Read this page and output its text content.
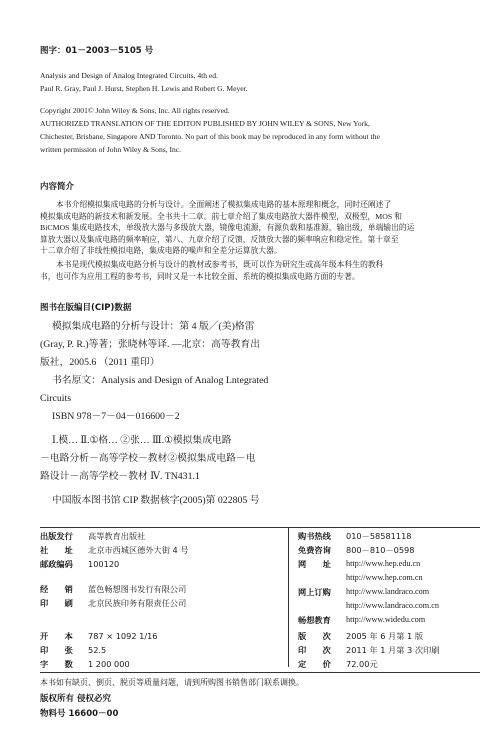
图字：01－2003－5105 号
Analysis and Design of Analog Integrated Circuits, 4th ed.
Paul R. Gray, Paul J. Hurst, Stephen H. Lewis and Robert G. Meyer.
Copyright 2001© John Wiley & Sons, Inc. All rights reserved.
AUTHORIZED TRANSLATION OF THE EDITON PUBLISHED BY JOHN WILEY & SONS, New York,
Chichester, Brisbane, Singapore AND Toronto. No part of this book may be reproduced in any form without the
written permission of John Wiley & Sons, Inc.
内容简介
本书介绍模拟集成电路的分析与设计。全面阐述了模拟集成电路的基本原理和概念，同时还阐述了
模拟集成电路的新技术和新发展。全书共十二章。前七章介绍了集成电路放大器件模型，双极型，MOS 和
BiCMOS 集成电路技术，单级放大器与多级放大器，镜像电流源，有源负载和基准源，输出级，单端输出的运
算放大器以及集成电路的频率响应，第八、九章介绍了反馈，反馈放大器的频率响应和稳定性。第十章至
十二章介绍了非线性模拟电路，集成电路的噪声和全差分运算放大器。
本书是现代模拟集成电路分析与设计的教材或参考书，既可以作为研究生或高年级本科生的教科
书，也可作为应用工程的参考书，同时又是一本比较全面、系统的模拟集成电路方面的专著。
图书在版编目(CIP)数据
模拟集成电路的分析与设计：第 4 版／(美)格雷
(Gray, P. R.)等著；张晓林等译. —北京：高等教育出
版社，2005.6 （2011 重印）
书名原文：Analysis and Design of Analog Lntegrated
Circuits
ISBN 978－7－04－016600－2
Ⅰ.模… Ⅱ.①格… ②张… Ⅲ.①模拟集成电路
－电路分析－高等学校－教材②模拟集成电路－电
路设计－高等学校－教材 Ⅳ. TN431.1
中国版本图书馆 CIP 数据核字(2005)第 022805 号
出版发行 高等教育出版社
社　　址 北京市西城区德外大街 4 号
邮政编码 100120
经　　销 蓝色畅想图书发行有限公司
印　　刷 北京民族印务有限责任公司
开　　本 787 × 1092 1/16
印　　张 52.5
字　　数 1 200 000
购书热线 010－58581118
免费咨询 800－810－0598
网　　址 http://www.hep.edu.cn
http://www.hep.com.cn
网上订购 http://www.landraco.com
http://www.landraco.com.cn
畅想教育 http://www.widedu.com
版　　次 2005 年 6 月第 1 版
印　　次 2011 年 1 月第 3 次印刷
定　　价 72.00元
本书如有缺页、倒页、脱页等质量问题，请到所购图书销售部门联系调换。
版权所有 侵权必究
物料号 16600－00
